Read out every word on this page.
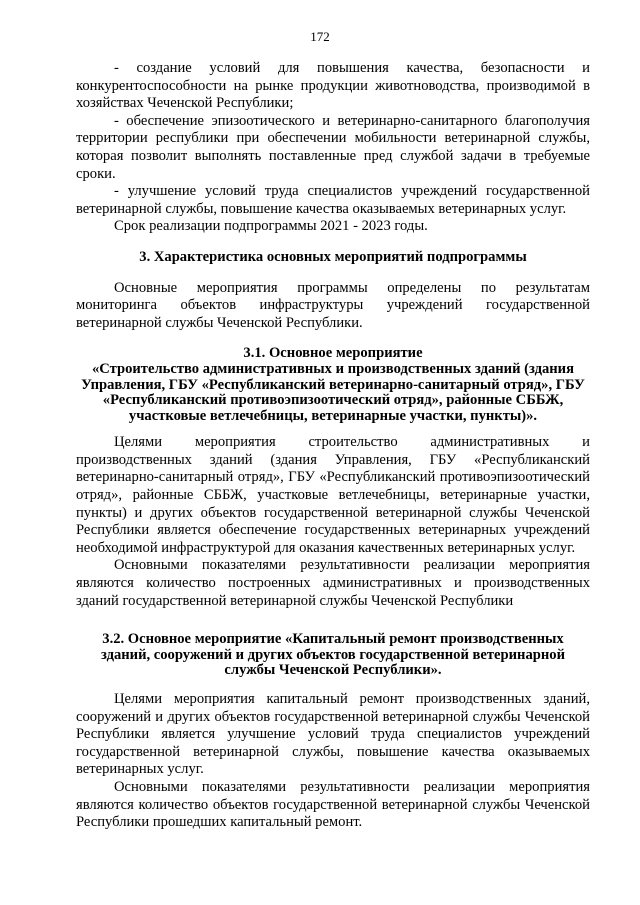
172

- создание условий для повышения качества, безопасности и конкурентоспособности на рынке продукции животноводства, производимой в хозяйствах Чеченской Республики;

- обеспечение эпизоотического и ветеринарно-санитарного благополучия территории республики при обеспечении мобильности ветеринарной службы, которая позволит выполнять поставленные пред службой задачи в требуемые сроки.

- улучшение условий труда специалистов учреждений государственной ветеринарной службы, повышение качества оказываемых ветеринарных услуг.

Срок реализации подпрограммы 2021 - 2023 годы.

3. Характеристика основных мероприятий подпрограммы

Основные мероприятия программы определены по результатам мониторинга объектов инфраструктуры учреждений государственной ветеринарной службы Чеченской Республики.

3.1. Основное мероприятие
«Строительство административных и производственных зданий (здания Управления, ГБУ «Республиканский ветеринарно-санитарный отряд», ГБУ «Республиканский противоэпизоотический отряд», районные СББЖ, участковые ветлечебницы, ветеринарные участки, пункты)».

Целями мероприятия строительство административных и производственных зданий (здания Управления, ГБУ «Республиканский ветеринарно-санитарный отряд», ГБУ «Республиканский противоэпизоотический отряд», районные СББЖ, участковые ветлечебницы, ветеринарные участки, пункты) и других объектов государственной ветеринарной службы Чеченской Республики является обеспечение государственных ветеринарных учреждений необходимой инфраструктурой для оказания качественных ветеринарных услуг.

Основными показателями результативности реализации мероприятия являются количество построенных административных и производственных зданий государственной ветеринарной службы Чеченской Республики

3.2. Основное мероприятие «Капитальный ремонт производственных зданий, сооружений и других объектов государственной ветеринарной службы Чеченской Республики».

Целями мероприятия капитальный ремонт производственных зданий, сооружений и других объектов государственной ветеринарной службы Чеченской Республики является улучшение условий труда специалистов учреждений государственной ветеринарной службы, повышение качества оказываемых ветеринарных услуг.

Основными показателями результативности реализации мероприятия являются количество объектов государственной ветеринарной службы Чеченской Республики прошедших капитальный ремонт.
